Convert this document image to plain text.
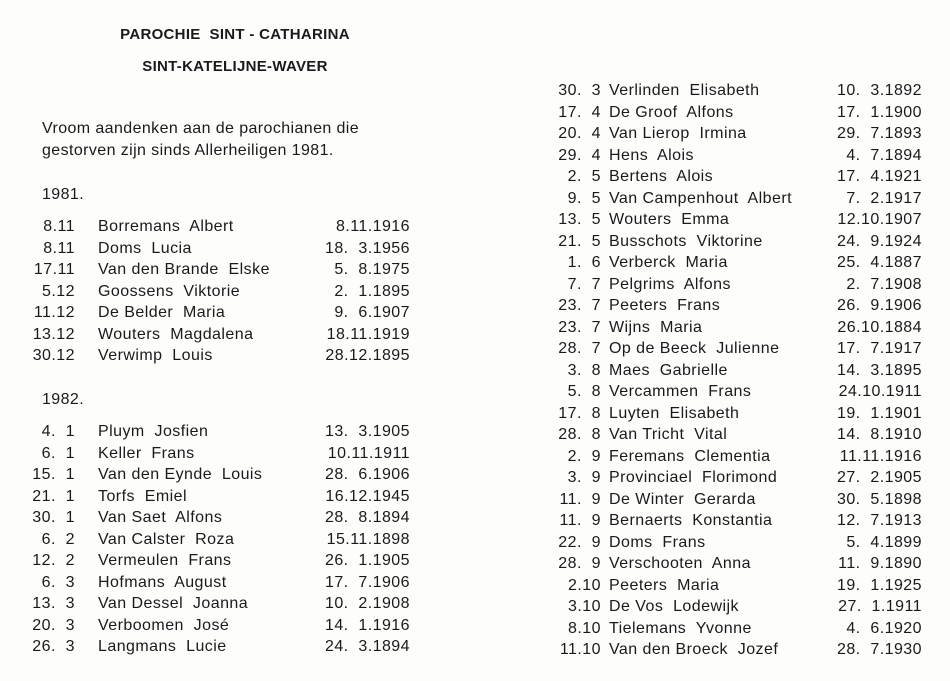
PAROCHIE  SINT - CATHARINA
SINT-KATELIJNE-WAVER
Vroom aandenken aan de parochianen die gestorven zijn sinds Allerheiligen 1981.
1981.
8.11 Borremans  Albert	8.11.1916
8.11 Doms  Lucia	18.  3.1956
17.11 Van den Brande  Elske	5.  8.1975
5.12 Goossens  Viktorie	2.  1.1895
11.12 De Belder  Maria	9.  6.1907
13.12 Wouters  Magdalena	18.11.1919
30.12 Verwimp  Louis	28.12.1895
1982.
4.  1 Pluym  Josfien	13.  3.1905
6.  1 Keller  Frans	10.11.1911
15.  1 Van den Eynde  Louis	28.  6.1906
21.  1 Torfs  Emiel	16.12.1945
30.  1 Van Saet  Alfons	28.  8.1894
6.  2 Van Calster  Roza	15.11.1898
12.  2 Vermeulen  Frans	26.  1.1905
6.  3 Hofmans  August	17.  7.1906
13.  3 Van Dessel  Joanna	10.  2.1908
20.  3 Verboomen  José	14.  1.1916
26.  3 Langmans  Lucie	24.  3.1894
30.  3 Verlinden  Elisabeth	10.  3.1892
17.  4 De Groof  Alfons	17.  1.1900
20.  4 Van Lierop  Irmina	29.  7.1893
29.  4 Hens  Alois	4.  7.1894
2.  5 Bertens  Alois	17.  4.1921
9.  5 Van Campenhout  Albert	7.  2.1917
13.  5 Wouters  Emma	12.10.1907
21.  5 Busschots  Viktorine	24.  9.1924
1.  6 Verberck  Maria	25.  4.1887
7.  7 Pelgrims  Alfons	2.  7.1908
23.  7 Peeters  Frans	26.  9.1906
23.  7 Wijns  Maria	26.10.1884
28.  7 Op de Beeck  Julienne	17.  7.1917
3.  8 Maes  Gabrielle	14.  3.1895
5.  8 Vercammen  Frans	24.10.1911
17.  8 Luyten  Elisabeth	19.  1.1901
28.  8 Van Tricht  Vital	14.  8.1910
2.  9 Feremans  Clementia	11.11.1916
3.  9 Provinciael  Florimond	27.  2.1905
11.  9 De Winter  Gerarda	30.  5.1898
11.  9 Bernaerts  Konstantia	12.  7.1913
22.  9 Doms  Frans	5.  4.1899
28.  9 Verschooten  Anna	11.  9.1890
2.10 Peeters  Maria	19.  1.1925
3.10 De Vos  Lodewijk	27.  1.1911
8.10 Tielemans  Yvonne	4.  6.1920
11.10 Van den Broeck  Jozef	28.  7.1930
